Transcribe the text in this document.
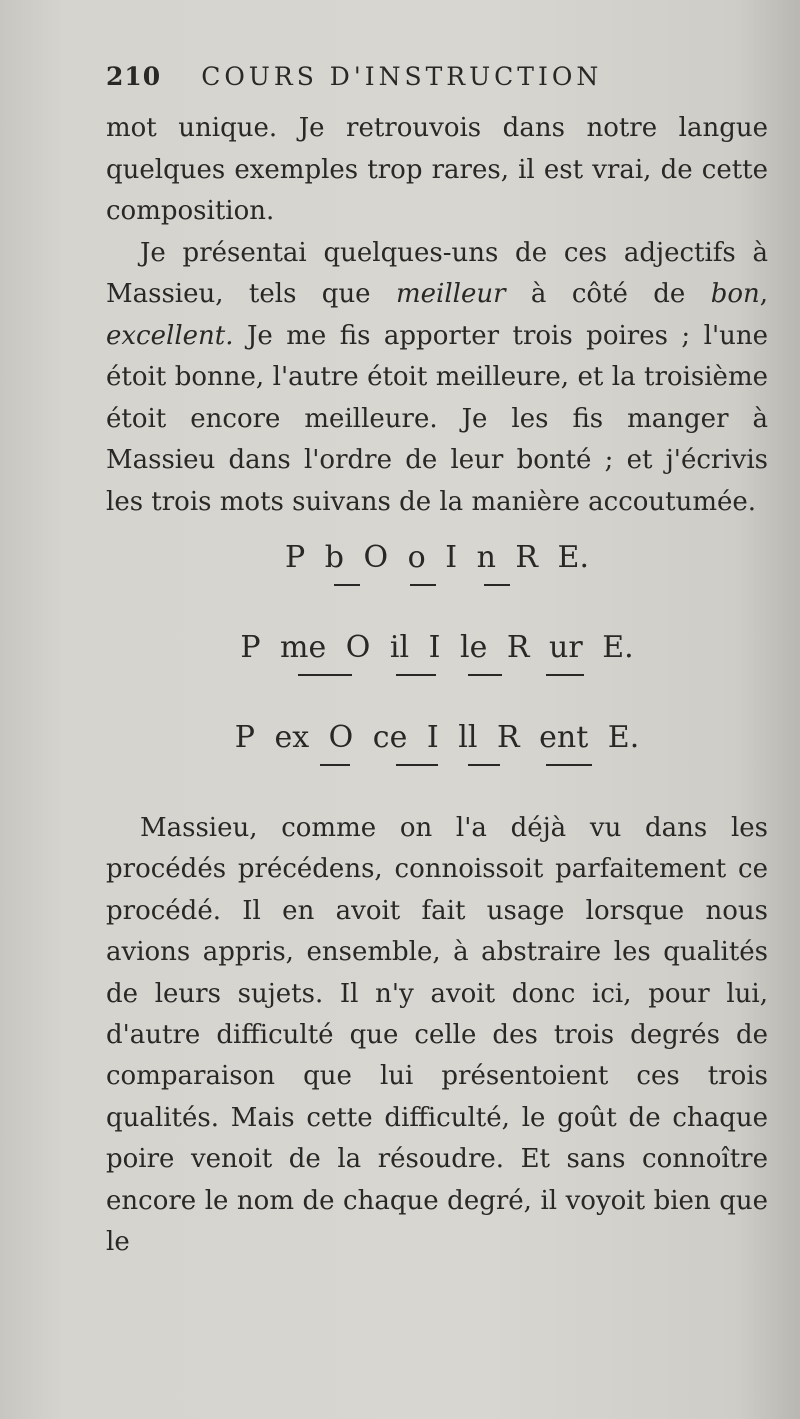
210 COURS D'INSTRUCTION

mot unique. Je retrouvois dans notre langue quelques exemples trop rares, il est vrai, de cette composition.

Je présentai quelques-uns de ces adjectifs à Massieu, tels que meilleur à côté de bon, excellent. Je me fis apporter trois poires ; l'une étoit bonne, l'autre étoit meilleure, et la troisième étoit encore meilleure. Je les fis manger à Massieu dans l'ordre de leur bonté ; et j'écrivis les trois mots suivans de la manière accoutumée.

P b O o I n R E.
P me O il I le R ur E.
P ex O ce I ll R ent E.

Massieu, comme on l'a déjà vu dans les procédés précédens, connoissoit parfaitement ce procédé. Il en avoit fait usage lorsque nous avions appris, ensemble, à abstraire les qualités de leurs sujets. Il n'y avoit donc ici, pour lui, d'autre difficulté que celle des trois degrés de comparaison que lui présentoient ces trois qualités. Mais cette difficulté, le goût de chaque poire venoit de la résoudre. Et sans connoître encore le nom de chaque degré, il voyoit bien que le
